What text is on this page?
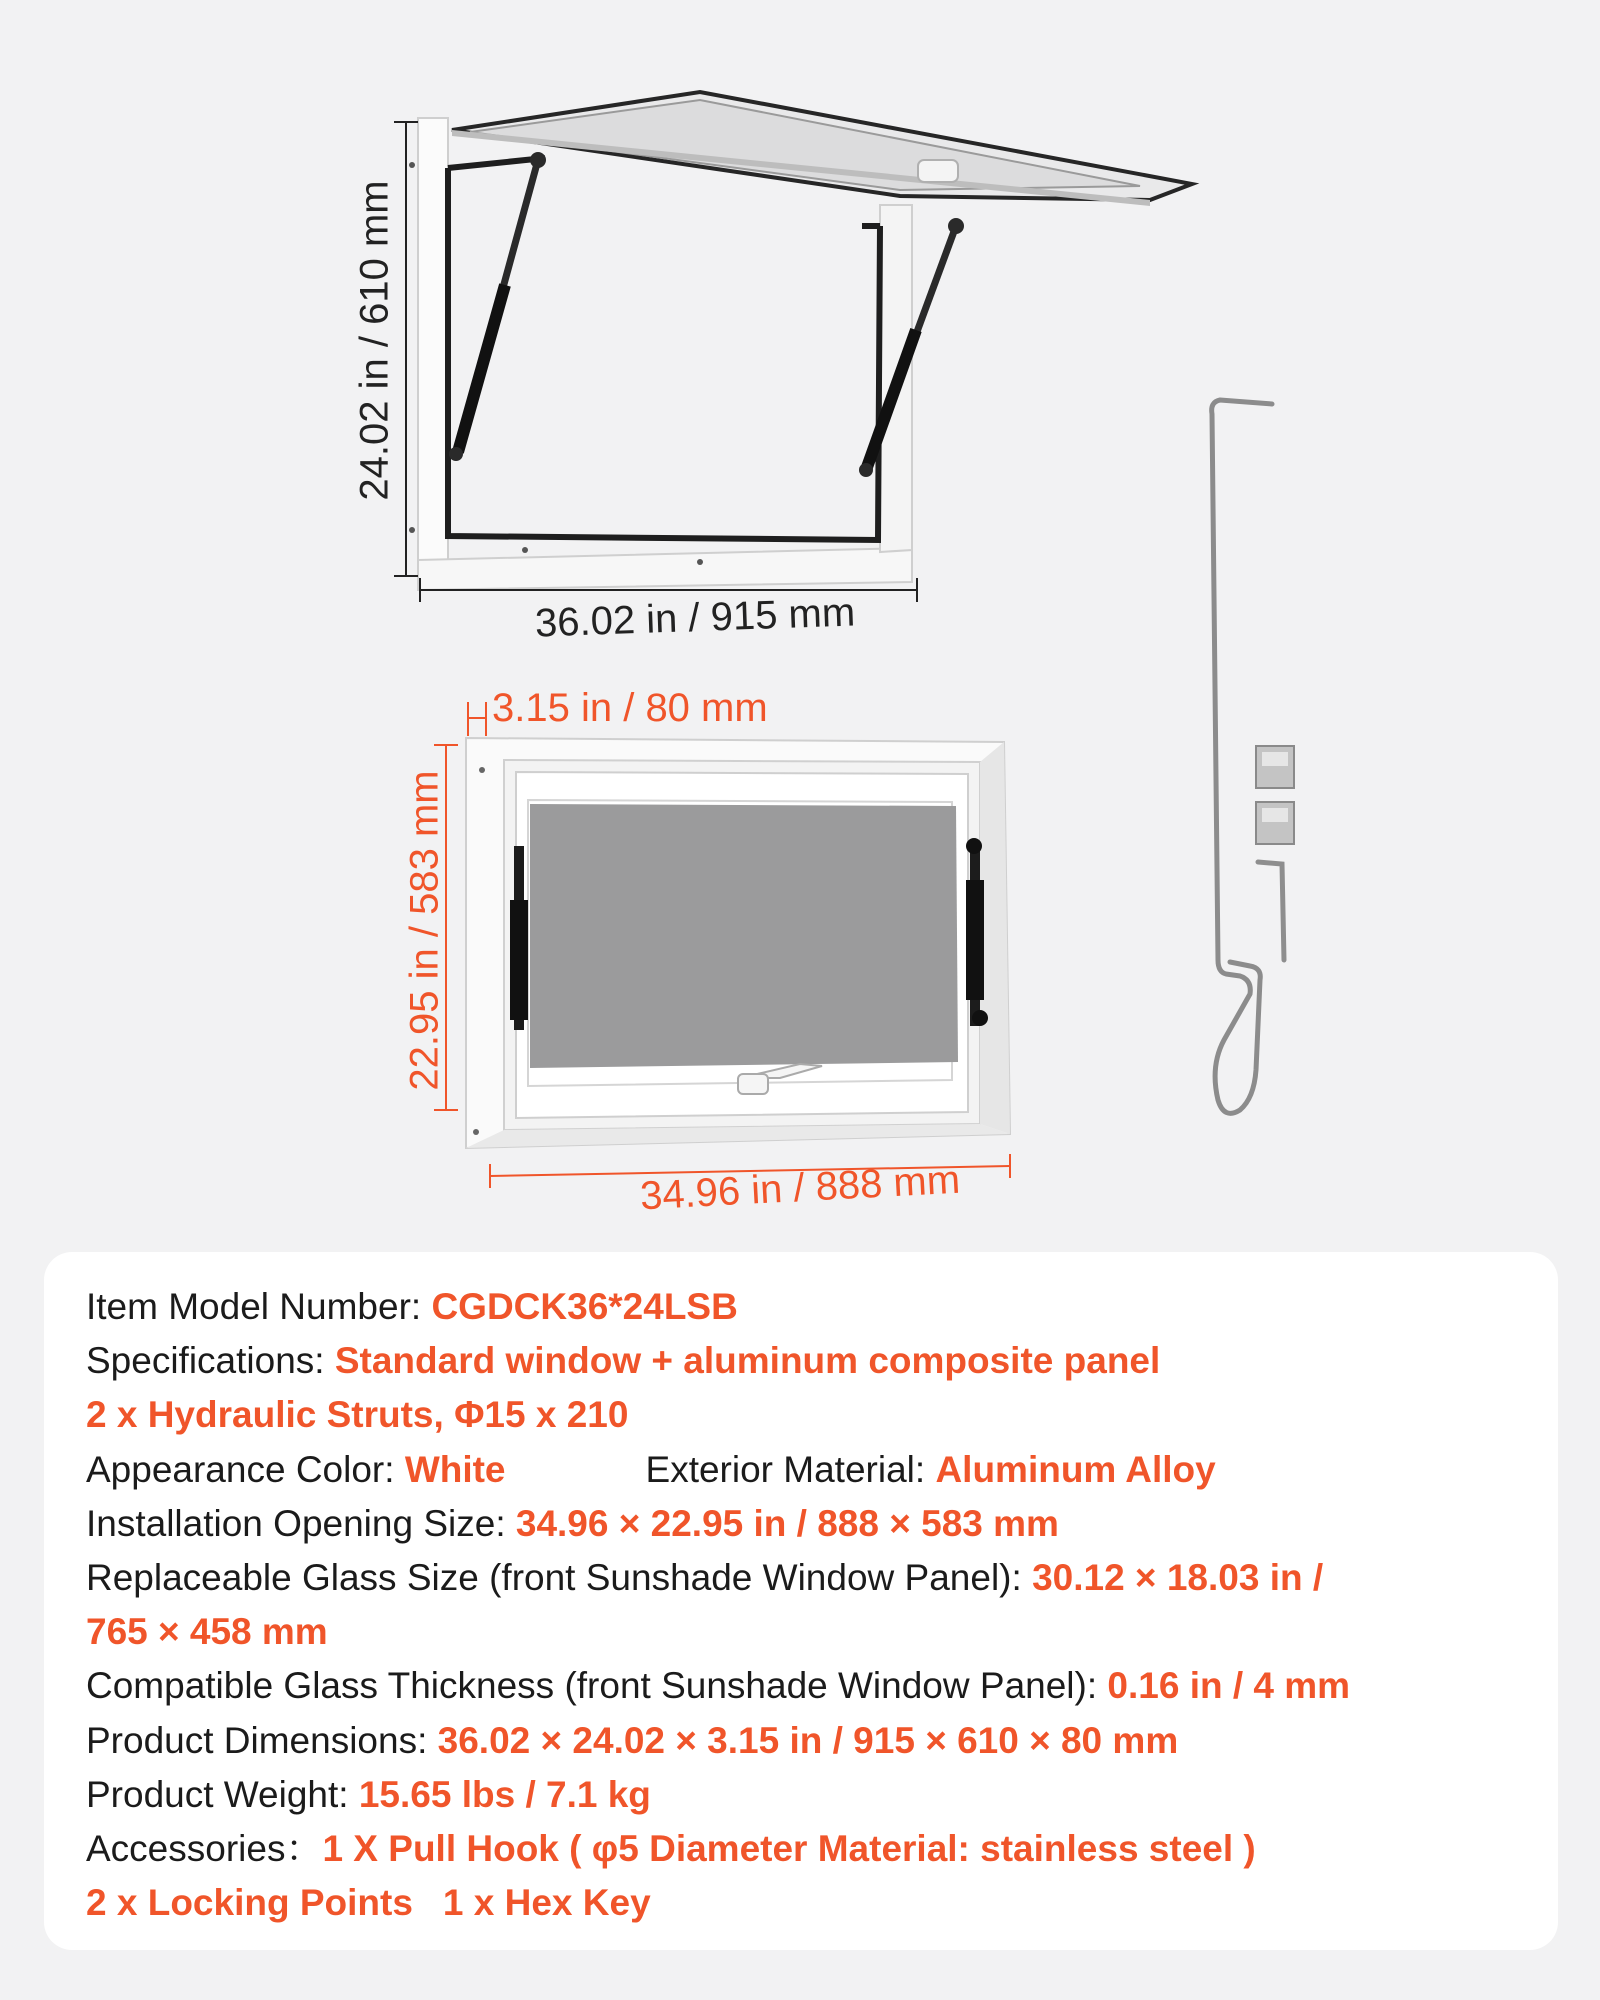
24.02 in / 610 mm
36.02 in / 915 mm
3.15 in / 80 mm
22.95 in / 583 mm
34.96 in / 888 mm
Item Model Number: CGDCK36*24LSB
Specifications: Standard window + aluminum composite panel
2 x Hydraulic Struts, Φ15 x 210
Appearance Color: White	Exterior Material: Aluminum Alloy
Installation Opening Size: 34.96 × 22.95 in / 888 × 583 mm
Replaceable Glass Size (front Sunshade Window Panel): 30.12 × 18.03 in /
765 × 458 mm
Compatible Glass Thickness (front Sunshade Window Panel): 0.16 in / 4 mm
Product Dimensions: 36.02 × 24.02 × 3.15 in / 915 × 610 × 80 mm
Product Weight: 15.65 lbs / 7.1 kg
Accessories：1 X Pull Hook ( φ5 Diameter Material: stainless steel )
2 x Locking Points 1 x Hex Key
